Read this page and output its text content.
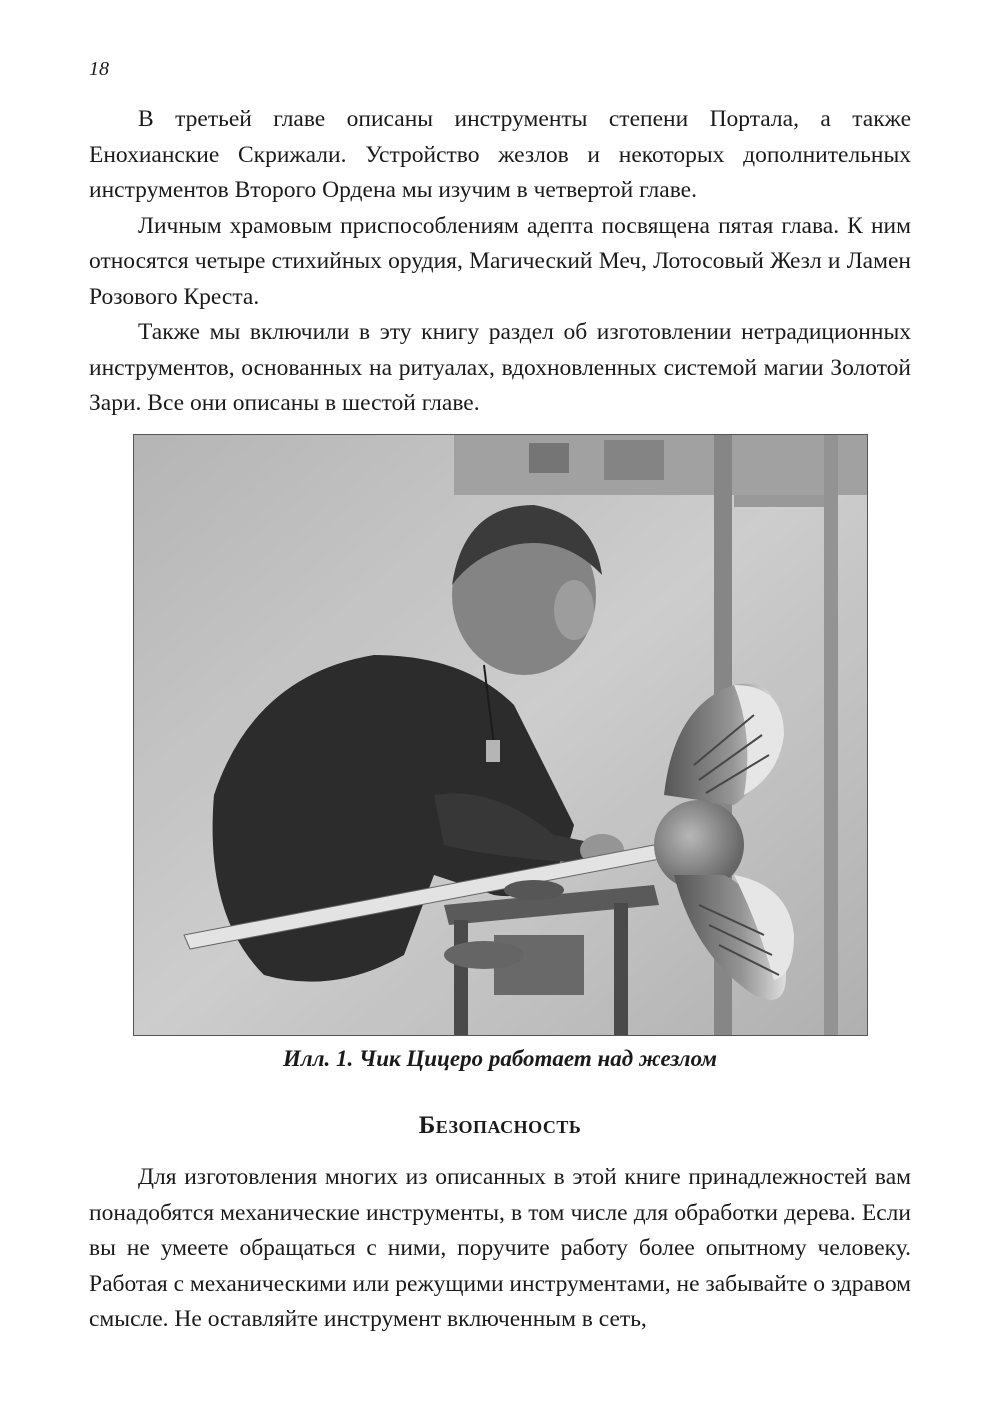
18

В третьей главе описаны инструменты степени Портала, а также Енохианские Скрижали. Устройство жезлов и некоторых дополнительных инструментов Второго Ордена мы изучим в четвертой главе.

Личным храмовым приспособлениям адепта посвящена пятая глава. К ним относятся четыре стихийных орудия, Магический Меч, Лотосовый Жезл и Ламен Розового Креста.

Также мы включили в эту книгу раздел об изготовлении нетрадиционных инструментов, основанных на ритуалах, вдохновленных системой магии Золотой Зари. Все они описаны в шестой главе.

Илл. 1. Чик Цицеро работает над жезлом
Безопасность

Для изготовления многих из описанных в этой книге принадлежностей вам понадобятся механические инструменты, в том числе для обработки дерева. Если вы не умеете обращаться с ними, поручите работу более опытному человеку. Работая с механическими или режущими инструментами, не забывайте о здравом смысле. Не оставляйте инструмент включенным в сеть,
